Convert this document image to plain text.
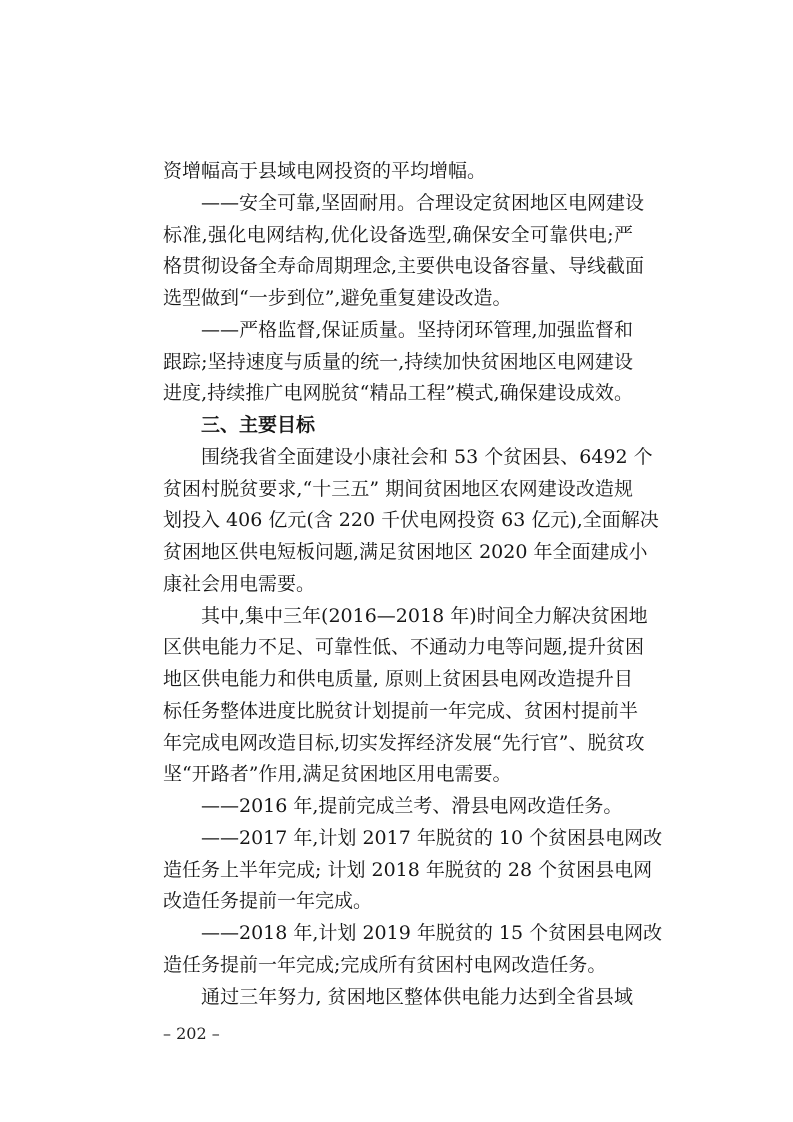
资增幅高于县域电网投资的平均增幅。
——安全可靠,坚固耐用。合理设定贫困地区电网建设
标准,强化电网结构,优化设备选型,确保安全可靠供电;严
格贯彻设备全寿命周期理念,主要供电设备容量、导线截面
选型做到“一步到位”,避免重复建设改造。
——严格监督,保证质量。坚持闭环管理,加强监督和
跟踪;坚持速度与质量的统一,持续加快贫困地区电网建设
进度,持续推广电网脱贫“精品工程”模式,确保建设成效。
三、主要目标
围绕我省全面建设小康社会和 53 个贫困县、6492 个
贫困村脱贫要求,“十三五” 期间贫困地区农网建设改造规
划投入 406 亿元(含 220 千伏电网投资 63 亿元),全面解决
贫困地区供电短板问题,满足贫困地区 2020 年全面建成小
康社会用电需要。
其中,集中三年(2016—2018 年)时间全力解决贫困地
区供电能力不足、可靠性低、不通动力电等问题,提升贫困
地区供电能力和供电质量, 原则上贫困县电网改造提升目
标任务整体进度比脱贫计划提前一年完成、贫困村提前半
年完成电网改造目标,切实发挥经济发展“先行官”、脱贫攻
坚“开路者”作用,满足贫困地区用电需要。
——2016 年,提前完成兰考、滑县电网改造任务。
——2017 年,计划 2017 年脱贫的 10 个贫困县电网改
造任务上半年完成; 计划 2018 年脱贫的 28 个贫困县电网
改造任务提前一年完成。
——2018 年,计划 2019 年脱贫的 15 个贫困县电网改
造任务提前一年完成;完成所有贫困村电网改造任务。
通过三年努力, 贫困地区整体供电能力达到全省县域
– 202 –
